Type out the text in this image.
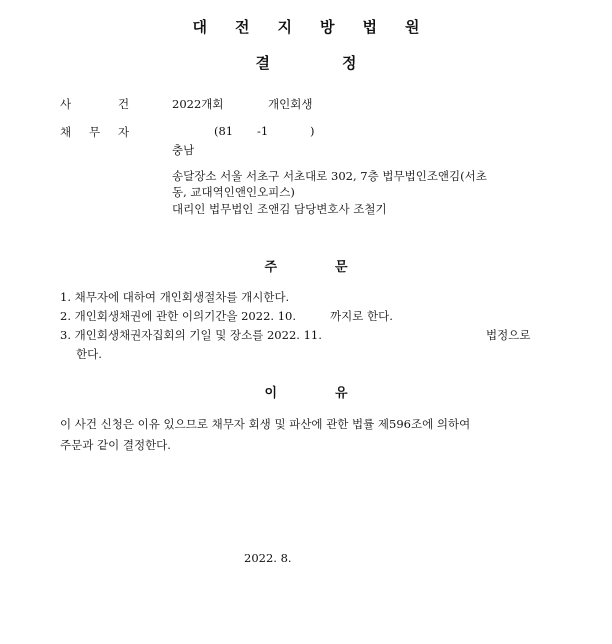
대전지방법원
결	정
사	건	2022개회	개인회생
채 무 자	(81 -1	)
충남
송달장소 서울 서초구 서초대로 302, 7층 법무법인조앤김(서초
동, 교대역인앤인오피스)
대리인 법무법인 조앤김 담당변호사 조철기
주	문
1. 채무자에 대하여 개인회생절차를 개시한다.
2. 개인회생채권에 관한 이의기간을 2022. 10.	까지로 한다.
3. 개인회생채권자집회의 기일 및 장소를 2022. 11.	법정으로
한다.
이	유
이 사건 신청은 이유 있으므로 채무자 회생 및 파산에 관한 법률 제596조에 의하여
주문과 같이 결정한다.
2022. 8.
